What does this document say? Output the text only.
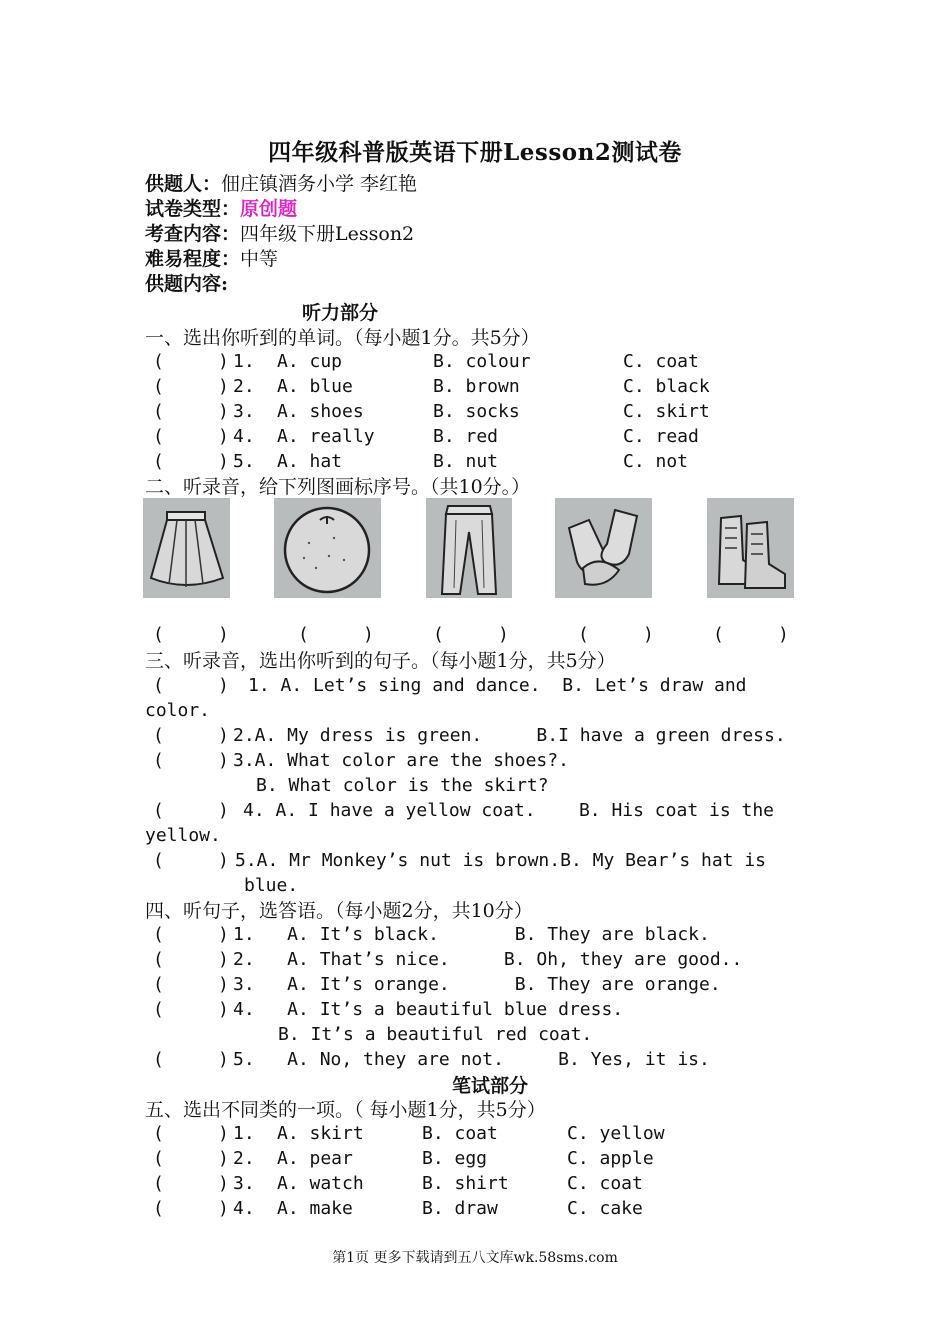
四年级科普版英语下册Lesson2测试卷
供题人：佃庄镇酒务小学 李红艳
试卷类型：原创题
考查内容：四年级下册Lesson2
难易程度：中等
供题内容:
听力部分
一、选出你听到的单词。（每小题1分。共5分）
(     ) 1. A. cup	B. colour	C. coat
(     ) 2. A. blue	B. brown	C. black
(     ) 3. A. shoes	B. socks	C. skirt
(     ) 4. A. really	B. red	C. read
(     ) 5. A. hat	B. nut	C. not
二、听录音，给下列图画标序号。（共10分。）
(     )	(     )	(     )	(     )	(     )
三、听录音，选出你听到的句子。（每小题1分，共5分）
(     ) 1. A. Let’s sing and dance.  B. Let’s draw and
color.
(     ) 2.A. My dress is green.     B.I have a green dress.
(     ) 3.A. What color are the shoes?.
B. What color is the skirt?
(     ) 4. A. I have a yellow coat.    B. His coat is the
yellow.
(     ) 5.A. Mr Monkey’s nut is brown.B. My Bear’s hat is
blue.
四、听句子，选答语。（每小题2分，共10分）
(     ) 1.   A. It’s black.       B. They are black.
(     ) 2.   A. That’s nice.     B. Oh, they are good..
(     ) 3.   A. It’s orange.      B. They are orange.
(     ) 4.   A. It’s a beautiful blue dress.
B. It’s a beautiful red coat.
(     ) 5.   A. No, they are not.     B. Yes, it is.
笔试部分
五、选出不同类的一项。（ 每小题1分，共5分）
(     ) 1. A. skirt	B. coat	C. yellow
(     ) 2. A. pear	B. egg	C. apple
(     ) 3. A. watch	B. shirt	C. coat
(     ) 4. A. make	B. draw	C. cake
第1页 更多下载请到五八文库wk.58sms.com
